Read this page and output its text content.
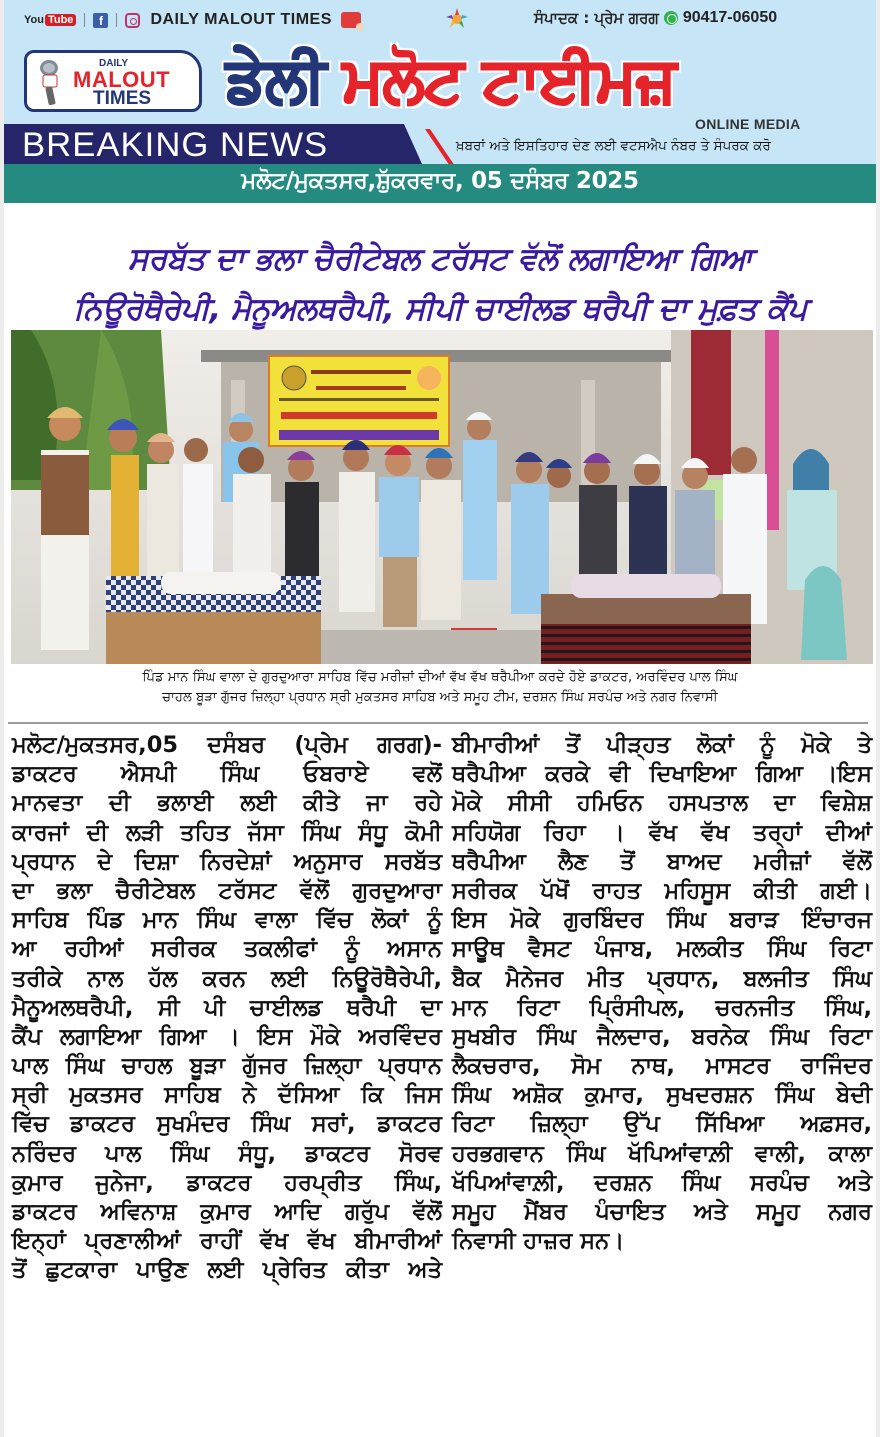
You Tube	f	DAILY MALOUT TIMES	ਸੰਪਾਦਕ : ਪ੍ਰੇਮ ਗਰਗ 90417-06050
DAILY
MALOUT
TIMES ਡੇਲੀ ਮਲੋਟ ਟਾਈਮਜ਼
ONLINE MEDIA
BREAKING NEWS	ਖ਼ਬਰਾਂ ਅਤੇ ਇਸ਼ਤਿਹਾਰ ਦੇਣ ਲਈ ਵਟਸਐਪ ਨੰਬਰ ਤੇ ਸੰਪਰਕ ਕਰੋ
ਮਲੋਟ/ਮੁਕਤਸਰ,ਸ਼ੁੱਕਰਵਾਰ, 05 ਦਸੰਬਰ 2025
ਸਰਬੱਤ ਦਾ ਭਲਾ ਚੈਰੀਟੇਬਲ ਟਰੱਸਟ ਵੱਲੋਂ ਲਗਾਇਆ ਗਿਆ
ਨਿਊਰੋਥੈਰੇਪੀ, ਮੈਨੂਅਲਥਰੈਪੀ, ਸੀਪੀ ਚਾਈਲਡ ਥਰੈਪੀ ਦਾ ਮੁਫ਼ਤ ਕੈਂਪ
ਪਿੰਡ ਮਾਨ ਸਿੰਘ ਵਾਲਾ ਦੇ ਗੁਰਦੁਆਰਾ ਸਾਹਿਬ ਵਿੱਚ ਮਰੀਜ਼ਾਂ ਦੀਆਂ ਵੱਖ ਵੱਖ ਥਰੈਪੀਆ ਕਰਦੇ ਹੋਏ ਡਾਕਟਰ, ਅਰਵਿੰਦਰ ਪਾਲ ਸਿੰਘ
ਚਾਹਲ ਬੂੜਾ ਗੁੱਜਰ ਜ਼ਿਲ੍ਹਾ ਪ੍ਰਧਾਨ ਸ੍ਰੀ ਮੁਕਤਸਰ ਸਾਹਿਬ ਅਤੇ ਸਮੂਹ ਟੀਮ, ਦਰਸ਼ਨ ਸਿੰਘ ਸਰਪੰਚ ਅਤੇ ਨਗਰ ਨਿਵਾਸੀ
ਮਲੋਟ/ਮੁਕਤਸਰ,05 ਦਸੰਬਰ (ਪ੍ਰੇਮ ਗਰਗ)-
ਡਾਕਟਰ ਐਸਪੀ ਸਿੰਘ ਓਬਰਾਏ ਵਲੋਂ
ਮਾਨਵਤਾ ਦੀ ਭਲਾਈ ਲਈ ਕੀਤੇ ਜਾ ਰਹੇ
ਕਾਰਜਾਂ ਦੀ ਲੜੀ ਤਹਿਤ ਜੱਸਾ ਸਿੰਘ ਸੰਧੂ ਕੋਮੀ
ਪ੍ਰਧਾਨ ਦੇ ਦਿਸ਼ਾ ਨਿਰਦੇਸ਼ਾਂ ਅਨੁਸਾਰ ਸਰਬੱਤ
ਦਾ ਭਲਾ ਚੈਰੀਟੇਬਲ ਟਰੱਸਟ ਵੱਲੋਂ ਗੁਰਦੁਆਰਾ
ਸਾਹਿਬ ਪਿੰਡ ਮਾਨ ਸਿੰਘ ਵਾਲਾ ਵਿੱਚ ਲੋਕਾਂ ਨੂੰ
ਆ ਰਹੀਆਂ ਸਰੀਰਕ ਤਕਲੀਫਾਂ ਨੂੰ ਅਸਾਨ
ਤਰੀਕੇ ਨਾਲ ਹੱਲ ਕਰਨ ਲਈ ਨਿਊਰੋਥੈਰੇਪੀ,
ਮੈਨੂਅਲਥਰੈਪੀ, ਸੀ ਪੀ ਚਾਈਲਡ ਥਰੈਪੀ ਦਾ
ਕੈਂਪ ਲਗਾਇਆ ਗਿਆ । ਇਸ ਮੌਕੇ ਅਰਵਿੰਦਰ
ਪਾਲ ਸਿੰਘ ਚਾਹਲ ਬੂੜਾ ਗੁੱਜਰ ਜ਼ਿਲ੍ਹਾ ਪ੍ਰਧਾਨ
ਸ੍ਰੀ ਮੁਕਤਸਰ ਸਾਹਿਬ ਨੇ ਦੱਸਿਆ ਕਿ ਜਿਸ
ਵਿੱਚ ਡਾਕਟਰ ਸੁਖਮੰਦਰ ਸਿੰਘ ਸਰਾਂ, ਡਾਕਟਰ
ਨਰਿੰਦਰ ਪਾਲ ਸਿੰਘ ਸੰਧੂ, ਡਾਕਟਰ ਸੋਰਵ
ਕੁਮਾਰ ਜੁਨੇਜਾ, ਡਾਕਟਰ ਹਰਪ੍ਰੀਤ ਸਿੰਘ,
ਡਾਕਟਰ ਅਵਿਨਾਸ਼ ਕੁਮਾਰ ਆਦਿ ਗਰੁੱਪ ਵੱਲੋਂ
ਇਨ੍ਹਾਂ ਪ੍ਰਣਾਲੀਆਂ ਰਾਹੀਂ ਵੱਖ ਵੱਖ ਬੀਮਾਰੀਆਂ
ਤੋਂ ਛੁਟਕਾਰਾ ਪਾਉਣ ਲਈ ਪ੍ਰੇਰਿਤ ਕੀਤਾ ਅਤੇ
ਬੀਮਾਰੀਆਂ ਤੋਂ ਪੀੜ੍ਹਤ ਲੋਕਾਂ ਨੂੰ ਮੋਕੇ ਤੇ
ਥਰੈਪੀਆ ਕਰਕੇ ਵੀ ਦਿਖਾਇਆ ਗਿਆ ।ਇਸ
ਮੋਕੇ ਸੀਸੀ ਹਮਿਓਨ ਹਸਪਤਾਲ ਦਾ ਵਿਸ਼ੇਸ਼
ਸਹਿਯੋਗ ਰਿਹਾ । ਵੱਖ ਵੱਖ ਤਰ੍ਹਾਂ ਦੀਆਂ
ਥਰੈਪੀਆ ਲੈਣ ਤੋਂ ਬਾਅਦ ਮਰੀਜ਼ਾਂ ਵੱਲੋਂ
ਸਰੀਰਕ ਪੱਖੋਂ ਰਾਹਤ ਮਹਿਸੂਸ ਕੀਤੀ ਗਈ।
ਇਸ ਮੋਕੇ ਗੁਰਬਿੰਦਰ ਸਿੰਘ ਬਰਾੜ ਇੰਚਾਰਜ
ਸਾਊਥ ਵੈਸਟ ਪੰਜਾਬ, ਮਲਕੀਤ ਸਿੰਘ ਰਿਟਾ
ਬੈਕ ਮੈਨੇਜਰ ਮੀਤ ਪ੍ਰਧਾਨ, ਬਲਜੀਤ ਸਿੰਘ
ਮਾਨ ਰਿਟਾ ਪ੍ਰਿੰਸੀਪਲ, ਚਰਨਜੀਤ ਸਿੰਘ,
ਸੁਖਬੀਰ ਸਿੰਘ ਜੈਲਦਾਰ, ਬਰਨੇਕ ਸਿੰਘ ਰਿਟਾ
ਲੈਕਚਰਾਰ, ਸੋਮ ਨਾਥ, ਮਾਸਟਰ ਰਾਜਿੰਦਰ
ਸਿੰਘ ਅਸ਼ੋਕ ਕੁਮਾਰ, ਸੁਖਦਰਸ਼ਨ ਸਿੰਘ ਬੇਦੀ
ਰਿਟਾ ਜ਼ਿਲ੍ਹਾ ਉੱਪ ਸਿੱਖਿਆ ਅਫ਼ਸਰ,
ਹਰਭਗਵਾਨ ਸਿੰਘ ਖੱਪਿਆਂਵਾਲ਼ੀ ਵਾਲੀ, ਕਾਲਾ
ਖੱਪਿਆਂਵਾਲ਼ੀ, ਦਰਸ਼ਨ ਸਿੰਘ ਸਰਪੰਚ ਅਤੇ
ਸਮੂਹ ਮੈਂਬਰ ਪੰਚਾਇਤ ਅਤੇ ਸਮੂਹ ਨਗਰ
ਨਿਵਾਸੀ ਹਾਜ਼ਰ ਸਨ।
